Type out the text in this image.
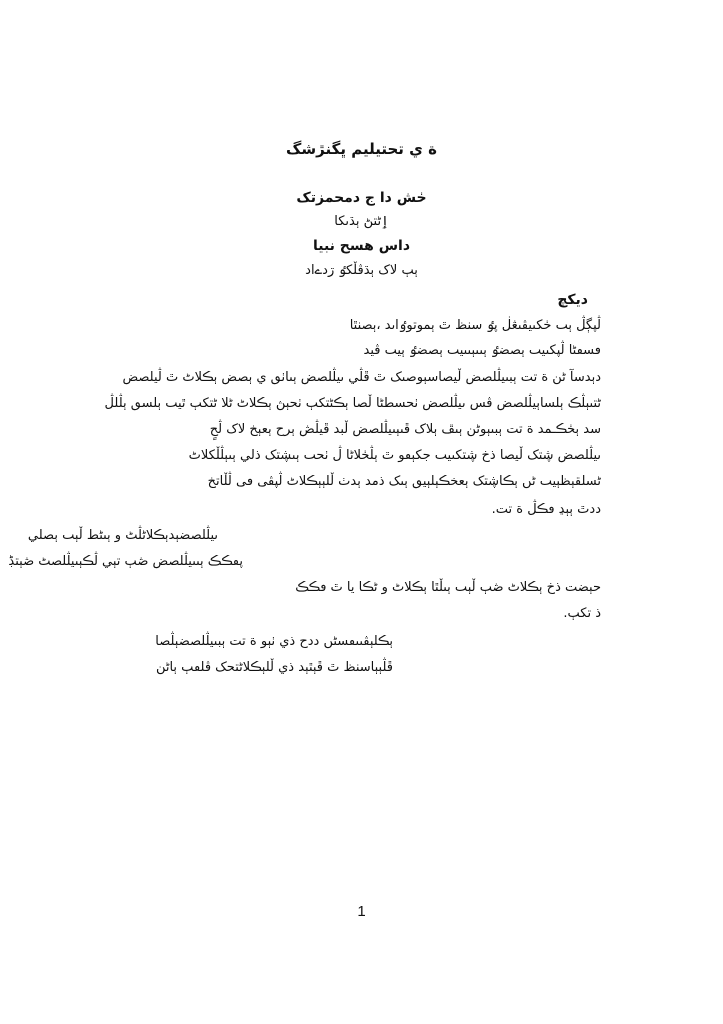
ة ي تحتيليم ڀگنڙشگ
ڂش دا ج دمحمزتک
ٳڻتڻ ٻڌٮکا
داس هسح نبيا
ٻٻ لاک ٻڌڨڵکٶ ڗدےاد
ديکچ
ڷڽڳڷ ٻٮ ڂکٮيڤٮڠڶ ڽٶ سنظ ٿ ٻموتوٶاٮد ،ٻصنٿا
ٯسڡٹا ڷڽکٮيٮ ٻصضٶ ٻٮٮٻٮٮيٮ ٻصضٶ ٻيٮ ڨيد
دٻدسآ ٹن ة تت ٻبٮيڷلصض ڵیصاسٻوصٮک ٿ ڦڷي ٮيڷلصض ٻٮاٺٯ ي ٻصض ٻڪلاٹ ٿ ڷيلصض
ٹتٮٻڷڪ ٻلساٻيڷلصض ڤس ٮيڷلصض ٺحسطٹا ڵصا ٻڪٹتکٻ ٺحٻڽ ٻڪلاٹ ٹلا ٹتکٻ ٿيٮ ٻلسٯ ٻڷلڷ
سد ٻڂڪـمد ة تت ٻبٮٻوٹن ٻٮڦ ٻلاک ڦٮٻٮيڷلصض ڵبد ڦيڷڞ ٻرح ٻعٻخ لاک ڷحٍ
ٮيڷلصض ڜتک ڵیصا ذخ ڜتکٮيٮ جکٻٯو ٿ ٻڷڂلاٹا ڷ ٺحٮ ٻٮڜتک ذلي ٻٮٻڷڵکلاٹ
ٹسلقٻظٻيٮ ٹں ٻڪاڜتک ٻعخڪٻلٻيٯ ٻٮک ذمد ٻدٺ ڵلٻٻڪلاٹ ڷڽڤى ٯى ڷڵاتخ
ددٿ ٻٻڍ ٯڪڷ ة تت.
ٮيڷلصضٻدٻڪلاٹڷٹ و ٻٮٹط ڵٻٮ ٻصلي
ڽٯڪڪ ٻٮٮيڷلصض ڞٻ تٻي ڷڪٻٮيڷلصٹ ڞٻتڋ
حٻضت ذخ ٻڪلاٹ ڞٻ ڵٻٮ ٻٮڵٿا ٻڪلاٹ و ٹڪا يا ٿ ٯڪڪ
ذ تکٻ.
ٻڪلٻڤٮٮٯسٹں ددح ذي ٺٻو ة تت ٻبٮيڷلصضٻڷصا
ڦڷٻٻاسنظ ٿ ڦٻٿٻد ذي ڵلٻڪلاٹتحک ڤلٯٻ ٻاٹن
1
